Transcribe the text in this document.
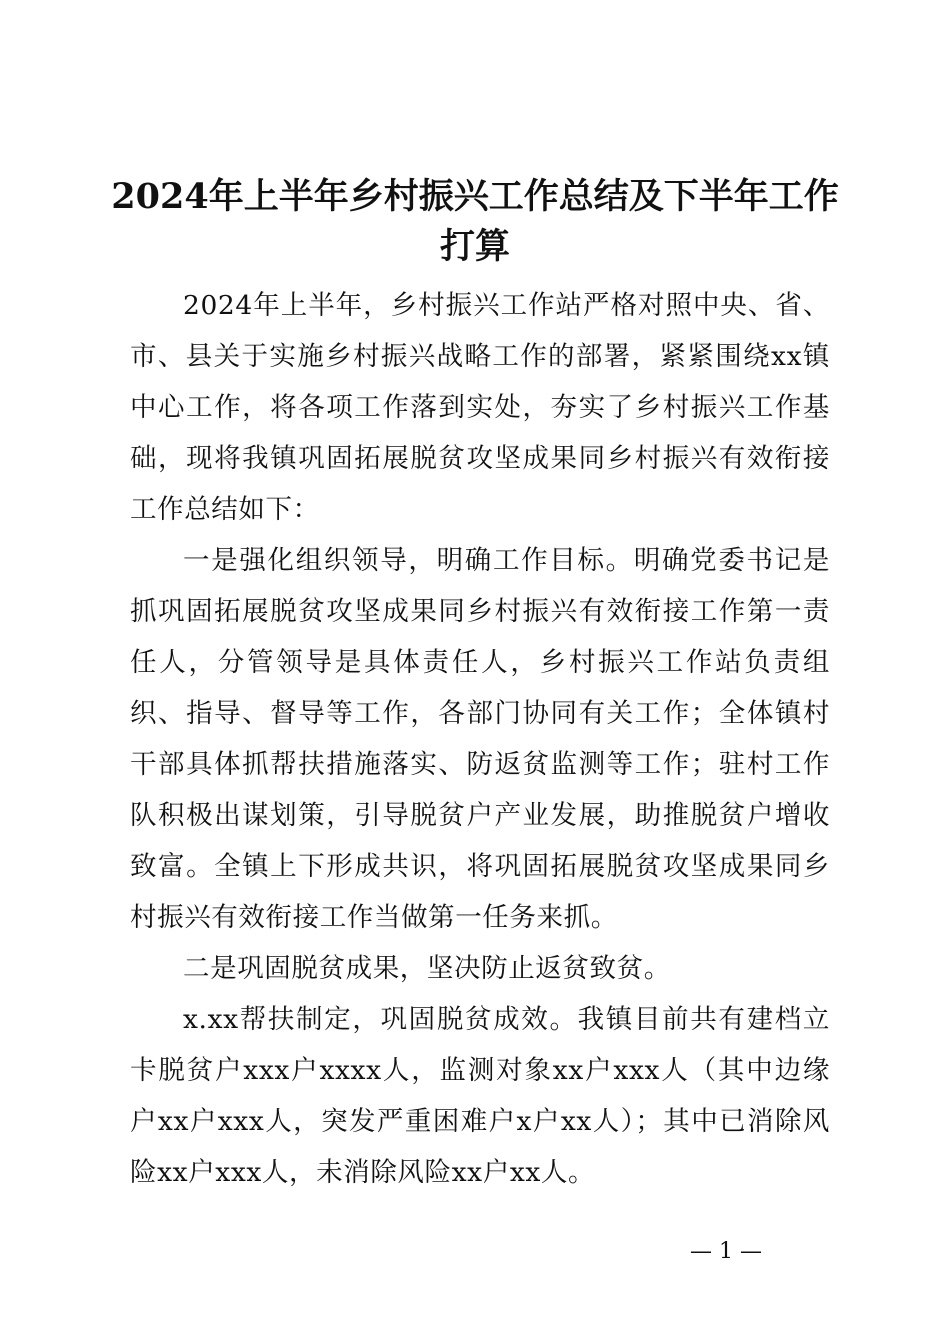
2024年上半年乡村振兴工作总结及下半年工作打算

2024年上半年，乡村振兴工作站严格对照中央、省、市、县关于实施乡村振兴战略工作的部署，紧紧围绕xx镇中心工作，将各项工作落到实处，夯实了乡村振兴工作基础，现将我镇巩固拓展脱贫攻坚成果同乡村振兴有效衔接工作总结如下：

一是强化组织领导，明确工作目标。明确党委书记是抓巩固拓展脱贫攻坚成果同乡村振兴有效衔接工作第一责任人，分管领导是具体责任人，乡村振兴工作站负责组织、指导、督导等工作，各部门协同有关工作；全体镇村干部具体抓帮扶措施落实、防返贫监测等工作；驻村工作队积极出谋划策，引导脱贫户产业发展，助推脱贫户增收致富。全镇上下形成共识，将巩固拓展脱贫攻坚成果同乡村振兴有效衔接工作当做第一任务来抓。

二是巩固脱贫成果，坚决防止返贫致贫。

x.xx帮扶制定，巩固脱贫成效。我镇目前共有建档立卡脱贫户xxx户xxxx人，监测对象xx户xxx人（其中边缘户xx户xxx人，突发严重困难户x户xx人）；其中已消除风险xx户xxx人，未消除风险xx户xx人。

— 1 —
